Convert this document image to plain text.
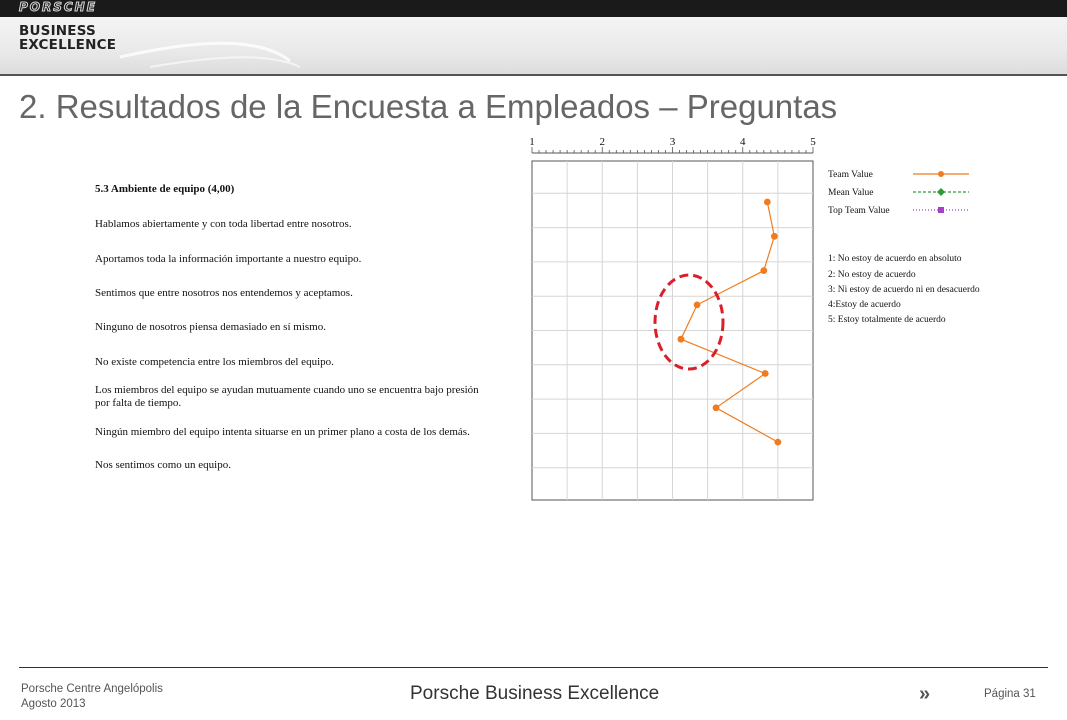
PORSCHE
BUSINESS
EXCELLENCE
2. Resultados de la Encuesta a Empleados – Preguntas
5.3 Ambiente de equipo (4,00)
Hablamos abiertamente y con toda libertad entre nosotros.
Aportamos toda la información importante a nuestro equipo.
Sentimos que entre nosotros nos entendemos y aceptamos.
Ninguno de nosotros piensa demasiado en sí mismo.
No existe competencia entre los miembros del equipo.
Los miembros del equipo se ayudan mutuamente cuando uno se encuentra bajo presión
por falta de tiempo.
Ningún miembro del equipo intenta situarse en un primer plano a costa de los demás.
Nos sentimos como un equipo.
1	2	3	4	5
Team Value
Mean Value
Top Team Value
1: No estoy de acuerdo en absoluto
2: No estoy de acuerdo
3: Ni estoy de acuerdo ni en desacuerdo
4:Estoy de acuerdo
5: Estoy totalmente de acuerdo
Porsche Centre Angelópolis
Agosto 2013	Porsche Business Excellence	»	Página 31
